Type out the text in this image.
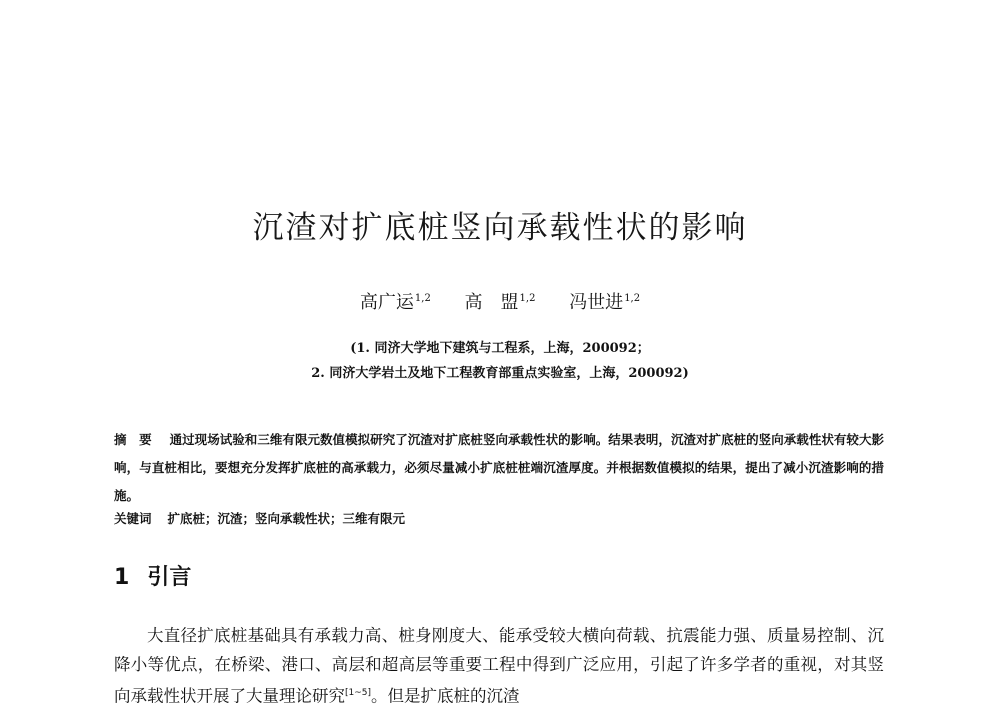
沉渣对扩底桩竖向承载性状的影响
高广运$^{1,2}$ 高　盟$^{1,2}$ 冯世进$^{1,2}$
(1. 同济大学地下建筑与工程系，上海，200092；
2. 同济大学岩土及地下工程教育部重点实验室，上海，200092)
摘　要 通过现场试验和三维有限元数值模拟研究了沉渣对扩底桩竖向承载性状的影响。结果表明，沉渣对扩底桩的竖向承载性状有较大影响，与直桩相比，要想充分发挥扩底桩的高承载力，必须尽量减小扩底桩桩端沉渣厚度。并根据数值模拟的结果，提出了减小沉渣影响的措施。
关键词 扩底桩；沉渣；竖向承载性状；三维有限元
1 引言
大直径扩底桩基础具有承载力高、桩身刚度大、能承受较大横向荷载、抗震能力强、质量易控制、沉降小等优点，在桥梁、港口、高层和超高层等重要工程中得到广泛应用，引起了许多学者的重视，对其竖向承载性状开展了大量理论研究[1~5]。但是扩底桩的沉渣
